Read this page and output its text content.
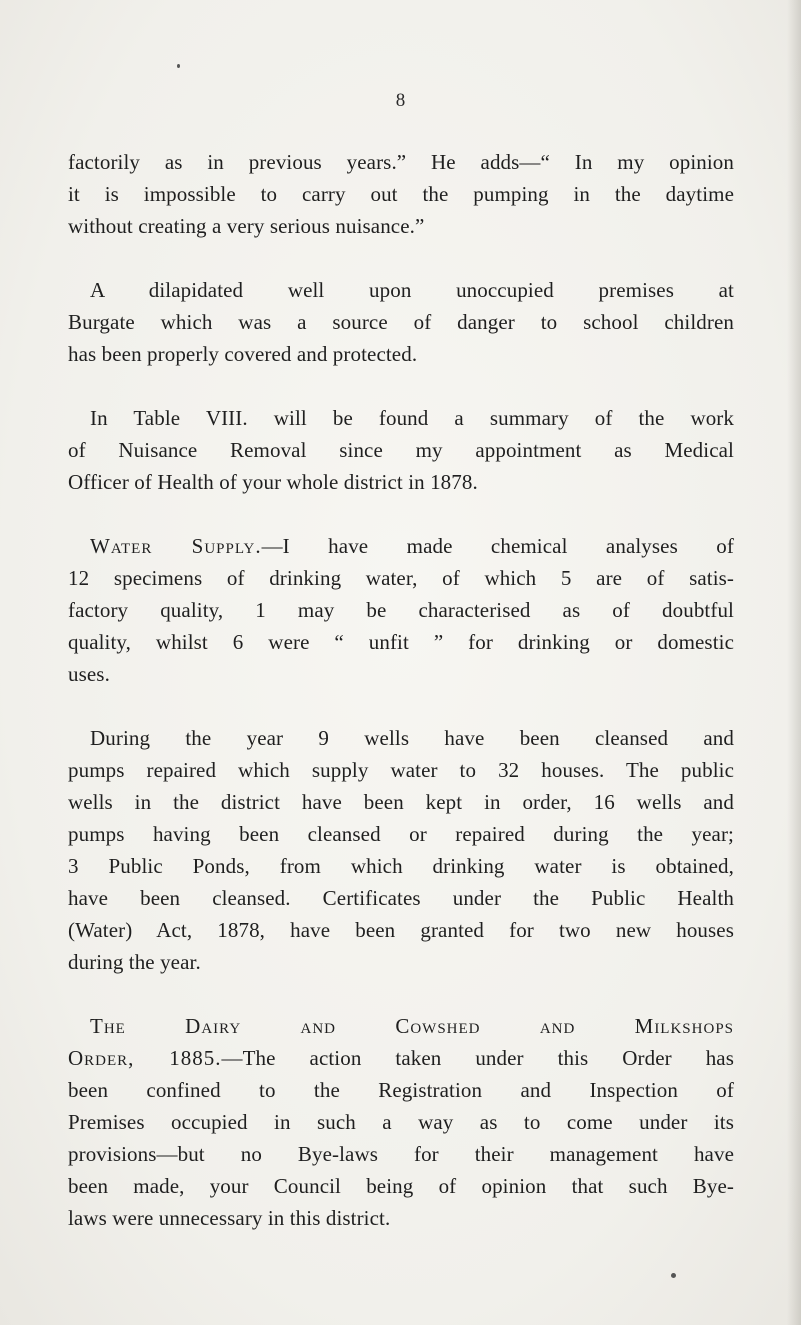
8
factorily as in previous years.” He adds—“ In my opinion
it is impossible to carry out the pumping in the daytime
without creating a very serious nuisance.”
A dilapidated well upon unoccupied premises at
Burgate which was a source of danger to school children
has been properly covered and protected.
In Table VIII. will be found a summary of the work
of Nuisance Removal since my appointment as Medical
Officer of Health of your whole district in 1878.
Water Supply.—I have made chemical analyses of
12 specimens of drinking water, of which 5 are of satis-
factory quality, 1 may be characterised as of doubtful
quality, whilst 6 were “ unfit ” for drinking or domestic
uses.
During the year 9 wells have been cleansed and
pumps repaired which supply water to 32 houses. The public
wells in the district have been kept in order, 16 wells and
pumps having been cleansed or repaired during the year;
3 Public Ponds, from which drinking water is obtained,
have been cleansed. Certificates under the Public Health
(Water) Act, 1878, have been granted for two new houses
during the year.
The Dairy and Cowshed and Milkshops
Order, 1885.—The action taken under this Order has
been confined to the Registration and Inspection of
Premises occupied in such a way as to come under its
provisions—but no Bye-laws for their management have
been made, your Council being of opinion that such Bye-
laws were unnecessary in this district.
